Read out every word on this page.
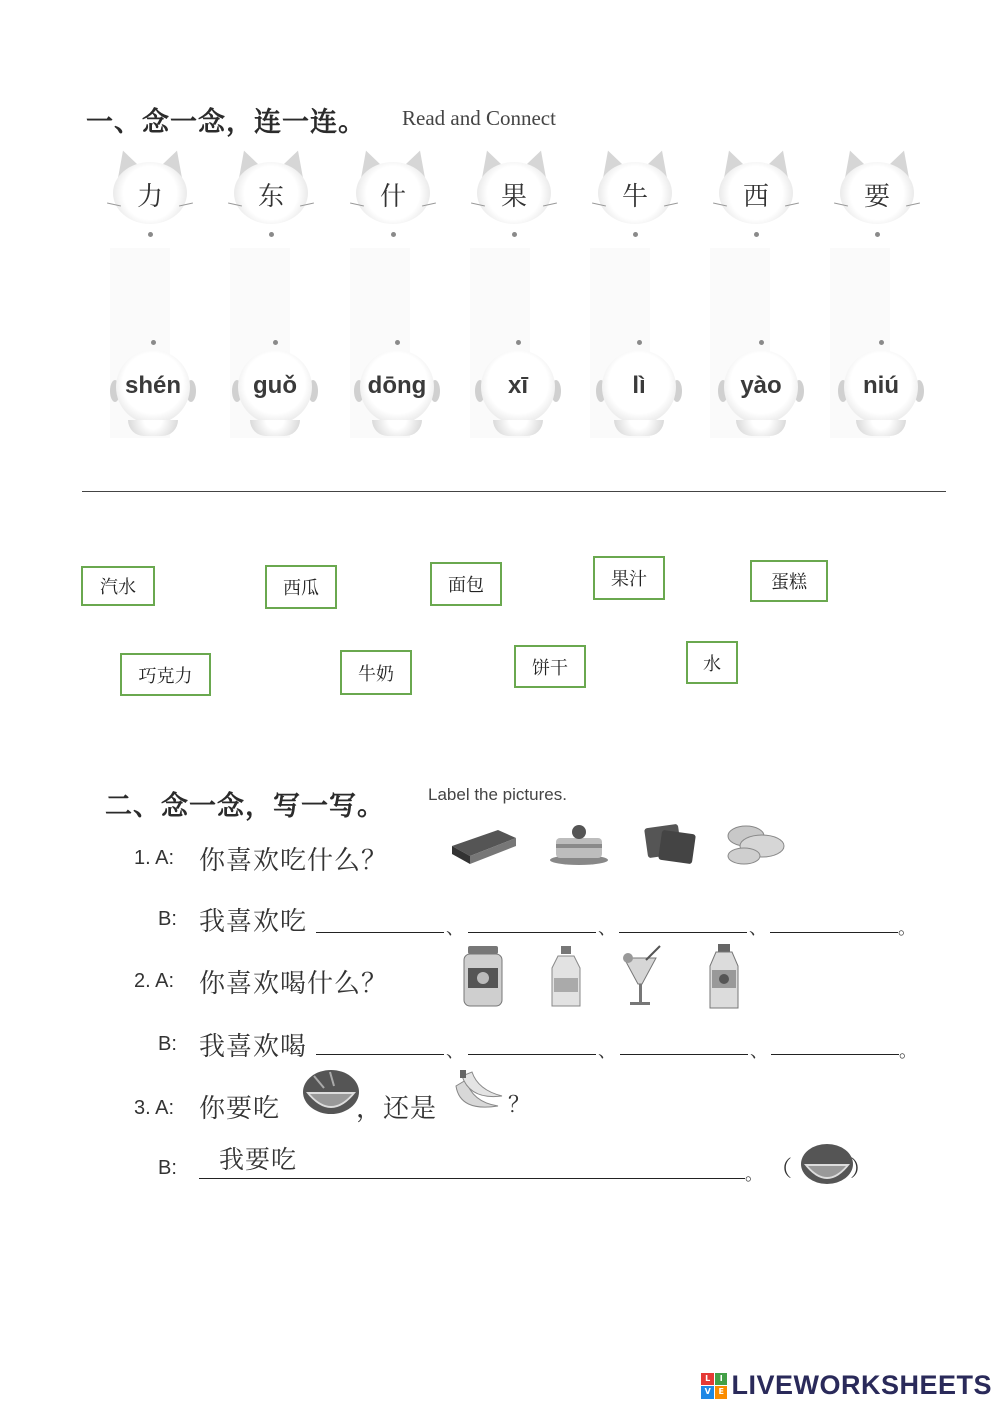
一、念一念，连一连。 Read and Connect
力	东	什	果	牛	西	要
shén	guǒ	dōng	xī	lì	yào	niú
汽水	西瓜	面包	果汁	蛋糕
巧克力	牛奶	饼干	水
二、念一念，写一写。	Label the pictures.
1. A: 你喜欢吃什么？
B: 我喜欢吃	、	、	、	。
2. A: 你喜欢喝什么？
B: 我喜欢喝	、	、	、	。
3. A: 你要吃	，还是	？
B: 我要吃
。 （	）
L	I
V E LIVEWORKSHEETS
